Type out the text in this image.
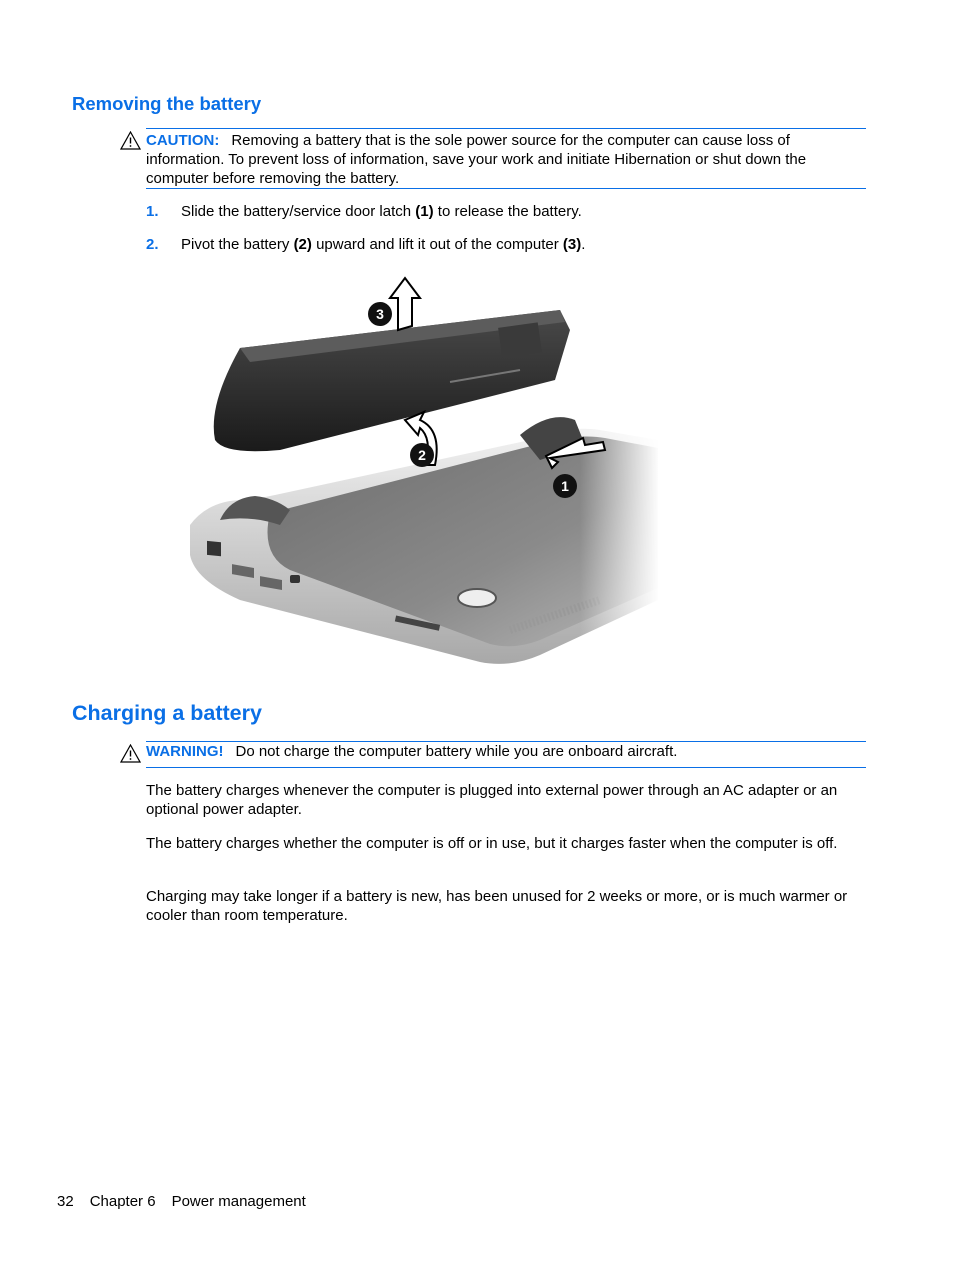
Removing the battery
CAUTION: Removing a battery that is the sole power source for the computer can cause loss of information. To prevent loss of information, save your work and initiate Hibernation or shut down the computer before removing the battery.
1. Slide the battery/service door latch (1) to release the battery.
2. Pivot the battery (2) upward and lift it out of the computer (3).
3
2
1
Charging a battery
WARNING! Do not charge the computer battery while you are onboard aircraft.

The battery charges whenever the computer is plugged into external power through an AC adapter or an optional power adapter.

The battery charges whether the computer is off or in use, but it charges faster when the computer is off.

Charging may take longer if a battery is new, has been unused for 2 weeks or more, or is much warmer or cooler than room temperature.

32 Chapter 6 Power management
